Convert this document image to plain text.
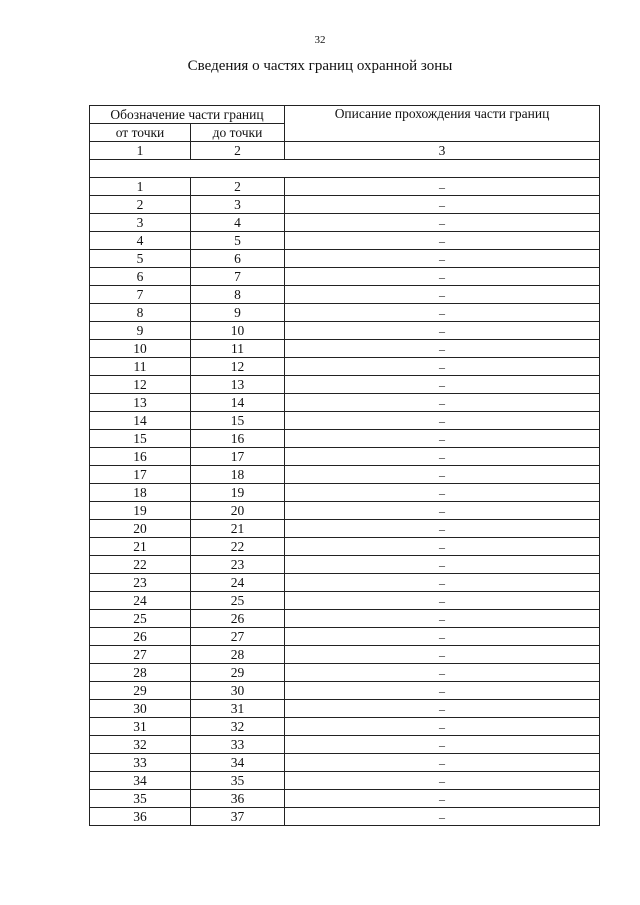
32
Сведения о частях границ охранной зоны
Обозначение части границ		Описание прохождения части границ
от точки	до точки	
1	2	3

1	2	–
2	3	–
3	4	–
4	5	–
5	6	–
6	7	–
7	8	–
8	9	–
9	10	–
10	11	–
11	12	–
12	13	–
13	14	–
14	15	–
15	16	–
16	17	–
17	18	–
18	19	–
19	20	–
20	21	–
21	22	–
22	23	–
23	24	–
24	25	–
25	26	–
26	27	–
27	28	–
28	29	–
29	30	–
30	31	–
31	32	–
32	33	–
33	34	–
34	35	–
35	36	–
36	37	–
